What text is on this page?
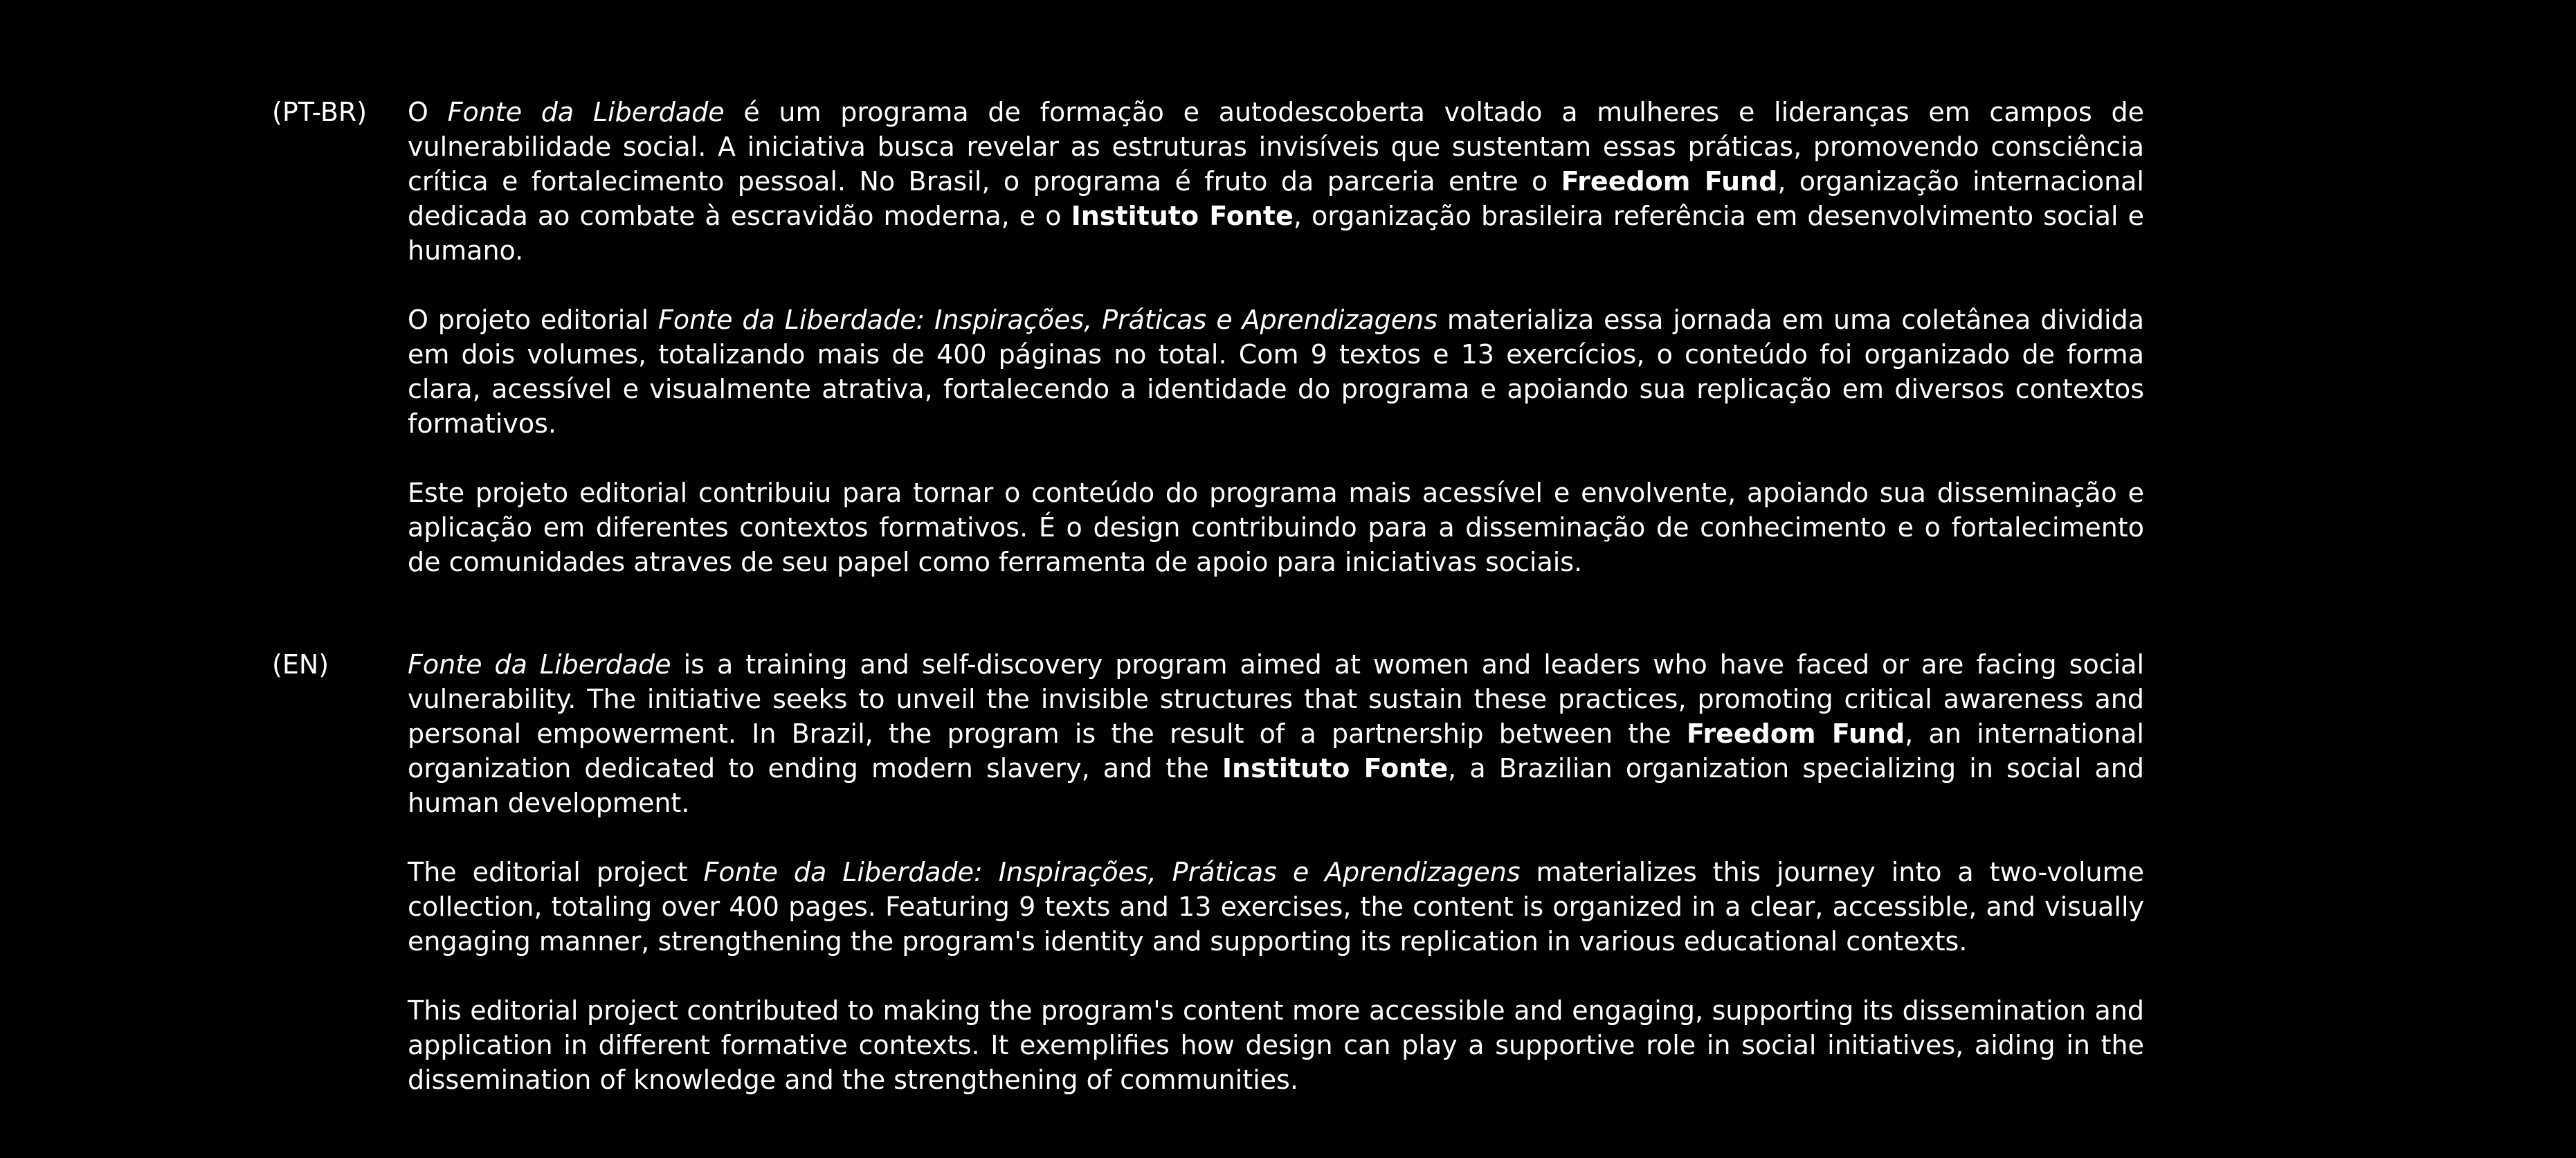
(PT-BR) O Fonte da Liberdade é um programa de formação e autodescoberta voltado a mulheres e lideranças em campos de vulnerabilidade social. A iniciativa busca revelar as estruturas invisíveis que sustentam essas práticas, promovendo consciência crítica e fortalecimento pessoal. No Brasil, o programa é fruto da parceria entre o Freedom Fund, organização internacional dedicada ao combate à escravidão moderna, e o Instituto Fonte, organização brasileira referência em desenvolvimento social e humano.

O projeto editorial Fonte da Liberdade: Inspirações, Práticas e Aprendizagens materializa essa jornada em uma coletânea dividida em dois volumes, totalizando mais de 400 páginas no total. Com 9 textos e 13 exercícios, o conteúdo foi organizado de forma clara, acessível e visualmente atrativa, fortalecendo a identidade do programa e apoiando sua replicação em diversos contextos formativos.

Este projeto editorial contribuiu para tornar o conteúdo do programa mais acessível e envolvente, apoiando sua disseminação e aplicação em diferentes contextos formativos. É o design contribuindo para a disseminação de conhecimento e o fortalecimento de comunidades atraves de seu papel como ferramenta de apoio para iniciativas sociais.

(EN)	Fonte da Liberdade is a training and self-discovery program aimed at women and leaders who have faced or are facing social vulnerability. The initiative seeks to unveil the invisible structures that sustain these practices, promoting critical awareness and personal empowerment. In Brazil, the program is the result of a partnership between the Freedom Fund, an international organization dedicated to ending modern slavery, and the Instituto Fonte, a Brazilian organization specializing in social and human development.

The editorial project Fonte da Liberdade: Inspirações, Práticas e Aprendizagens materializes this journey into a two-volume collection, totaling over 400 pages. Featuring 9 texts and 13 exercises, the content is organized in a clear, accessible, and visually engaging manner, strengthening the program's identity and supporting its replication in various educational contexts.

This editorial project contributed to making the program's content more accessible and engaging, supporting its dissemination and application in different formative contexts. It exemplifies how design can play a supportive role in social initiatives, aiding in the dissemination of knowledge and the strengthening of communities.
